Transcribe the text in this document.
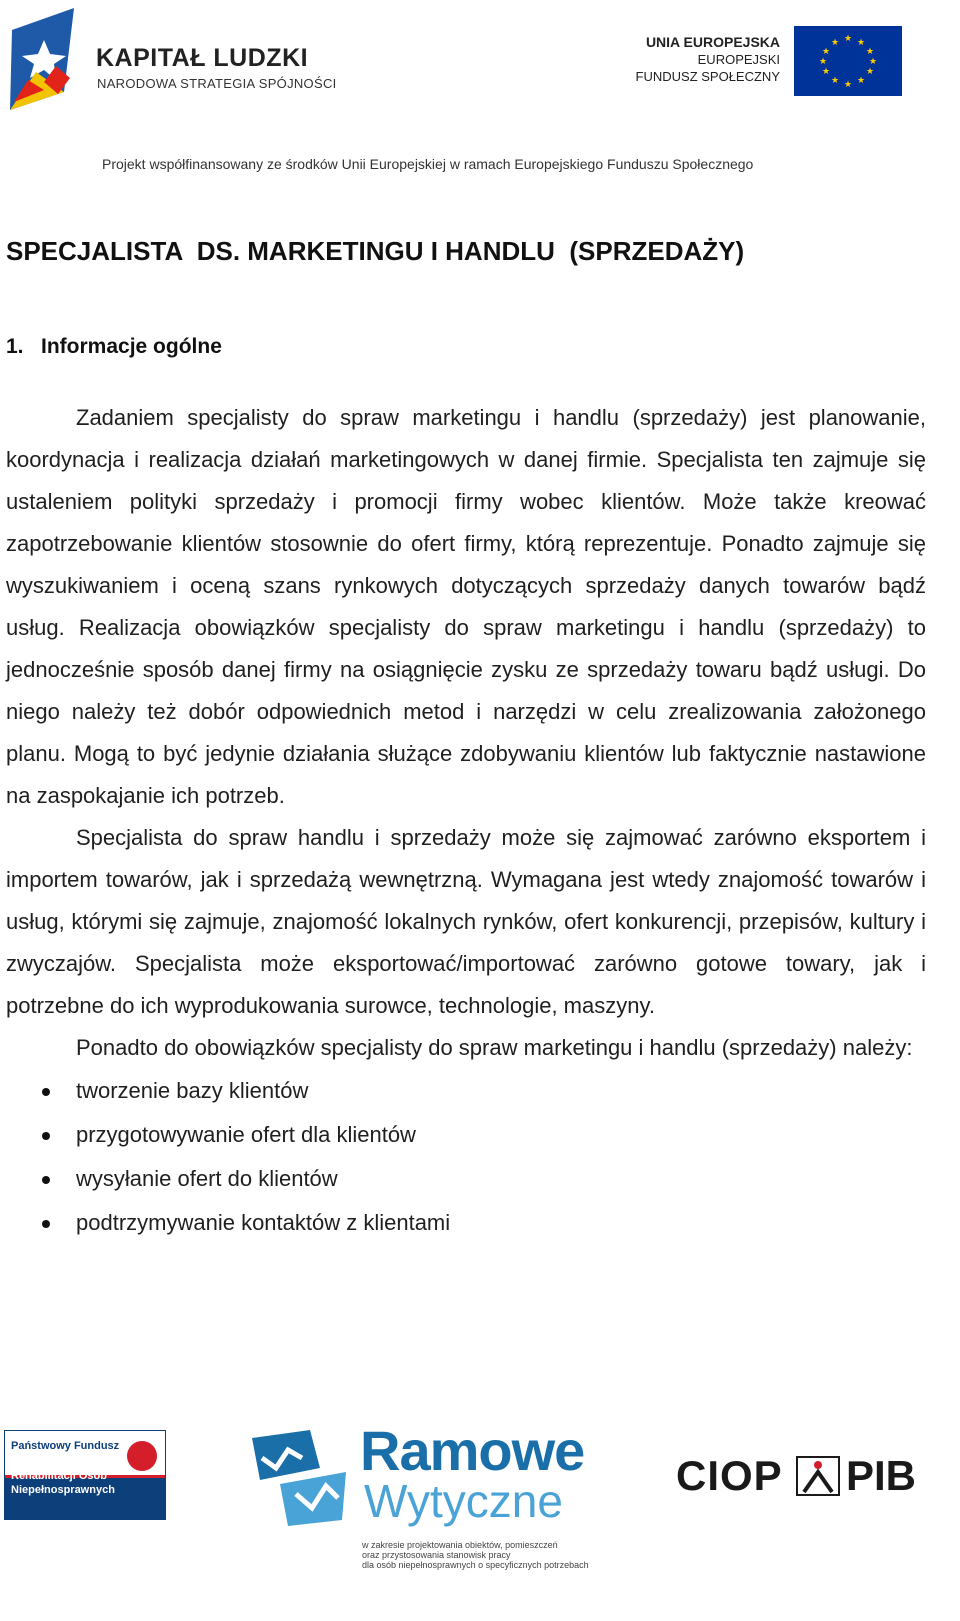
KAPITAŁ LUDZKI
NARODOWA STRATEGIA SPÓJNOŚCI
UNIA EUROPEJSKA
EUROPEJSKI
FUNDUSZ SPOŁECZNY
★ ★
★
★
★
★
★
★
★
★
★
★
Projekt współfinansowany ze środków Unii Europejskiej w ramach Europejskiego Funduszu Społecznego
SPECJALISTA  DS. MARKETINGU I HANDLU  (SPRZEDAŻY)
1.   Informacje ogólne

Zadaniem specjalisty do spraw marketingu i handlu (sprzedaży) jest planowanie, koordynacja i realizacja działań marketingowych w danej firmie. Specjalista ten zajmuje się ustaleniem polityki sprzedaży i promocji firmy wobec klientów. Może także kreować zapotrzebowanie klientów stosownie do ofert firmy, którą reprezentuje. Ponadto zajmuje się wyszukiwaniem i oceną szans rynkowych dotyczących sprzedaży danych towarów bądź usług. Realizacja obowiązków specjalisty do spraw marketingu i handlu (sprzedaży) to jednocześnie sposób danej firmy na osiągnięcie zysku ze sprzedaży towaru bądź usługi. Do niego należy też dobór odpowiednich metod i narzędzi w celu zrealizowania założonego planu. Mogą to być jedynie działania służące zdobywaniu klientów lub faktycznie nastawione na zaspokajanie ich potrzeb.

Specjalista do spraw handlu i sprzedaży może się zajmować zarówno eksportem i importem towarów, jak i sprzedażą wewnętrzną. Wymagana jest wtedy znajomość towarów i usług, którymi się zajmuje, znajomość lokalnych rynków, ofert konkurencji, przepisów, kultury i zwyczajów. Specjalista może eksportować/importować zarówno gotowe towary, jak i potrzebne do ich wyprodukowania surowce, technologie, maszyny.

Ponadto do obowiązków specjalisty do spraw marketingu i handlu (sprzedaży) należy:

tworzenie bazy klientów
przygotowywanie ofert dla klientów
wysyłanie ofert do klientów
podtrzymywanie kontaktów z klientami
Państwowy Fundusz
Rehabilitacji Osób
Niepełnosprawnych
Ramowe
Wytyczne
w zakresie projektowania obiektów, pomieszczeń
oraz przystosowania stanowisk pracy
dla osób niepełnosprawnych o specyficznych potrzebach
CIOP PIB
